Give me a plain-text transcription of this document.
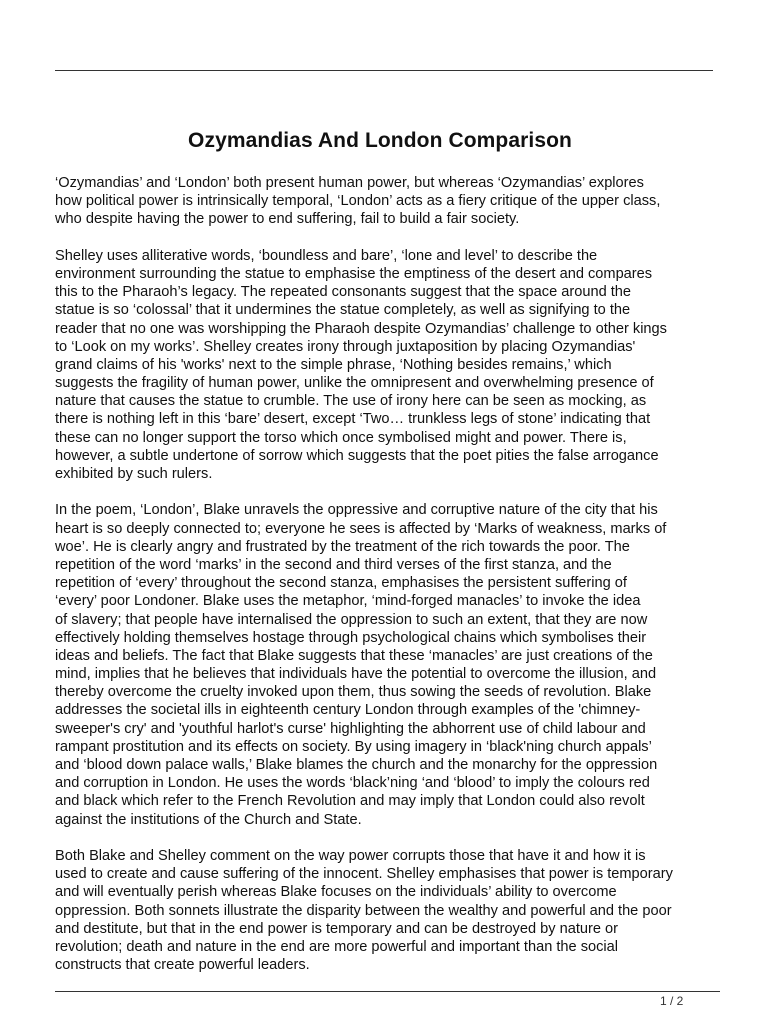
Ozymandias And London Comparison
‘Ozymandias’ and ‘London’ both present human power, but whereas ‘Ozymandias’ explores
how political power is intrinsically temporal, ‘London’ acts as a fiery critique of the upper class,
who despite having the power to end suffering, fail to build a fair society.
Shelley uses alliterative words, ‘boundless and bare’, ‘lone and level’ to describe the
environment surrounding the statue to emphasise the emptiness of the desert and compares
this to the Pharaoh’s legacy. The repeated consonants suggest that the space around the
statue is so ‘colossal’ that it undermines the statue completely, as well as signifying to the
reader that no one was worshipping the Pharaoh despite Ozymandias’ challenge to other kings
to ‘Look on my works’. Shelley creates irony through juxtaposition by placing Ozymandias'
grand claims of his 'works' next to the simple phrase, ‘Nothing besides remains,’ which
suggests the fragility of human power, unlike the omnipresent and overwhelming presence of
nature that causes the statue to crumble. The use of irony here can be seen as mocking, as
there is nothing left in this ‘bare’ desert, except ‘Two… trunkless legs of stone’ indicating that
these can no longer support the torso which once symbolised might and power. There is,
however, a subtle undertone of sorrow which suggests that the poet pities the false arrogance
exhibited by such rulers.
In the poem, ‘London’, Blake unravels the oppressive and corruptive nature of the city that his
heart is so deeply connected to; everyone he sees is affected by ‘Marks of weakness, marks of
woe’. He is clearly angry and frustrated by the treatment of the rich towards the poor. The
repetition of the word ‘marks’ in the second and third verses of the first stanza, and the
repetition of ‘every’ throughout the second stanza, emphasises the persistent suffering of
‘every’ poor Londoner. Blake uses the metaphor, ‘mind-forged manacles’ to invoke the idea
of slavery; that people have internalised the oppression to such an extent, that they are now
effectively holding themselves hostage through psychological chains which symbolises their
ideas and beliefs. The fact that Blake suggests that these ‘manacles’ are just creations of the
mind, implies that he believes that individuals have the potential to overcome the illusion, and
thereby overcome the cruelty invoked upon them, thus sowing the seeds of revolution. Blake
addresses the societal ills in eighteenth century London through examples of the 'chimney-
sweeper's cry' and 'youthful harlot's curse' highlighting the abhorrent use of child labour and
rampant prostitution and its effects on society. By using imagery in ‘black'ning church appals’
and ‘blood down palace walls,’ Blake blames the church and the monarchy for the oppression
and corruption in London. He uses the words ‘black’ning ‘and ‘blood’ to imply the colours red
and black which refer to the French Revolution and may imply that London could also revolt
against the institutions of the Church and State.
Both Blake and Shelley comment on the way power corrupts those that have it and how it is
used to create and cause suffering of the innocent. Shelley emphasises that power is temporary
and will eventually perish whereas Blake focuses on the individuals’ ability to overcome
oppression. Both sonnets illustrate the disparity between the wealthy and powerful and the poor
and destitute, but that in the end power is temporary and can be destroyed by nature or
revolution; death and nature in the end are more powerful and important than the social
constructs that create powerful leaders.
1 / 2
